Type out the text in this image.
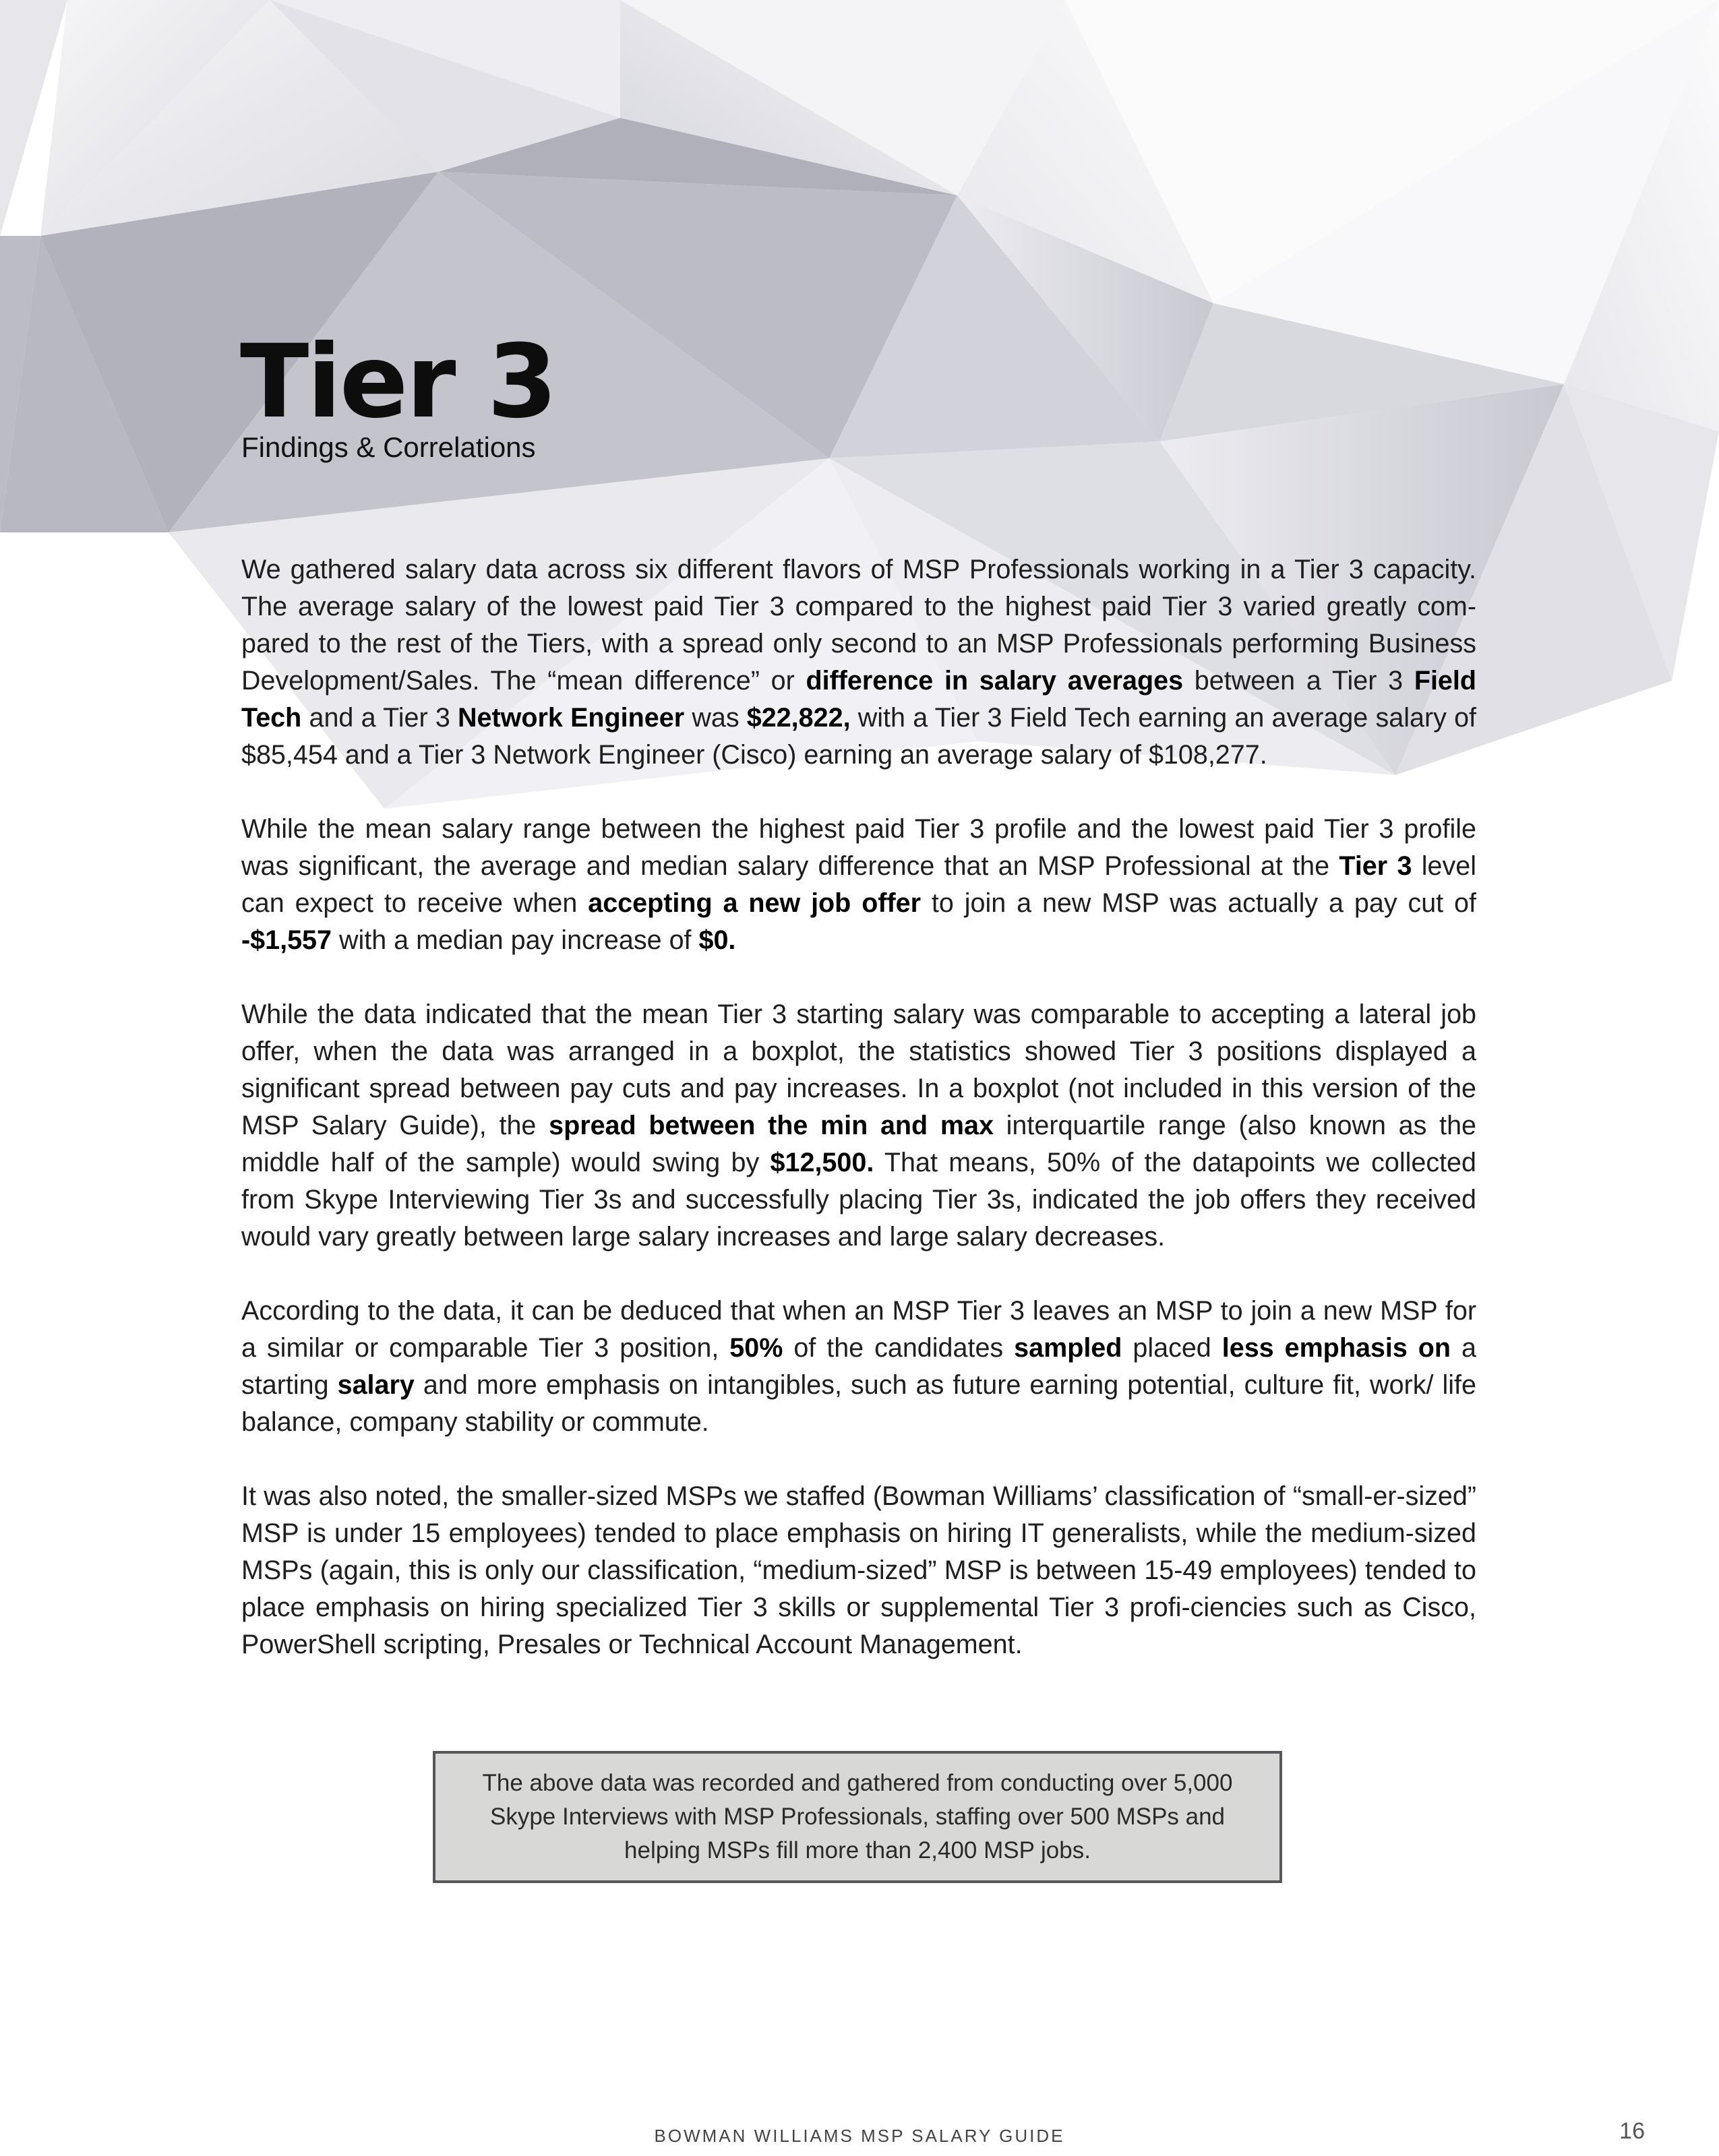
Tier 3

Findings & Correlations

We gathered salary data across six different flavors of MSP Professionals working in a Tier 3 capacity. The average salary of the lowest paid Tier 3 compared to the highest paid Tier 3 varied greatly com-pared to the rest of the Tiers, with a spread only second to an MSP Professionals performing Business Development/Sales. The “mean difference” or difference in salary averages between a Tier 3 Field Tech and a Tier 3 Network Engineer was $22,822, with a Tier 3 Field Tech earning an average salary of $85,454 and a Tier 3 Network Engineer (Cisco) earning an average salary of $108,277.

While the mean salary range between the highest paid Tier 3 profile and the lowest paid Tier 3 profile was significant, the average and median salary difference that an MSP Professional at the Tier 3 level can expect to receive when accepting a new job offer to join a new MSP was actually a pay cut of -$1,557 with a median pay increase of $0.

While the data indicated that the mean Tier 3 starting salary was comparable to accepting a lateral job offer, when the data was arranged in a boxplot, the statistics showed Tier 3 positions displayed a significant spread between pay cuts and pay increases. In a boxplot (not included in this version of the MSP Salary Guide), the spread between the min and max interquartile range (also known as the middle half of the sample) would swing by $12,500. That means, 50% of the datapoints we collected from Skype Interviewing Tier 3s and successfully placing Tier 3s, indicated the job offers they received would vary greatly between large salary increases and large salary decreases.

According to the data, it can be deduced that when an MSP Tier 3 leaves an MSP to join a new MSP for a similar or comparable Tier 3 position, 50% of the candidates sampled placed less emphasis on a starting salary and more emphasis on intangibles, such as future earning potential, culture fit, work/ life balance, company stability or commute.

It was also noted, the smaller-sized MSPs we staffed (Bowman Williams’ classification of “small-er-sized” MSP is under 15 employees) tended to place emphasis on hiring IT generalists, while the medium-sized MSPs (again, this is only our classification, “medium-sized” MSP is between 15-49 employees) tended to place emphasis on hiring specialized Tier 3 skills or supplemental Tier 3 profi-ciencies such as Cisco, PowerShell scripting, Presales or Technical Account Management.

The above data was recorded and gathered from conducting over 5,000 Skype Interviews with MSP Professionals, staffing over 500 MSPs and helping MSPs fill more than 2,400 MSP jobs.

BOWMAN WILLIAMS MSP SALARY GUIDE	16
